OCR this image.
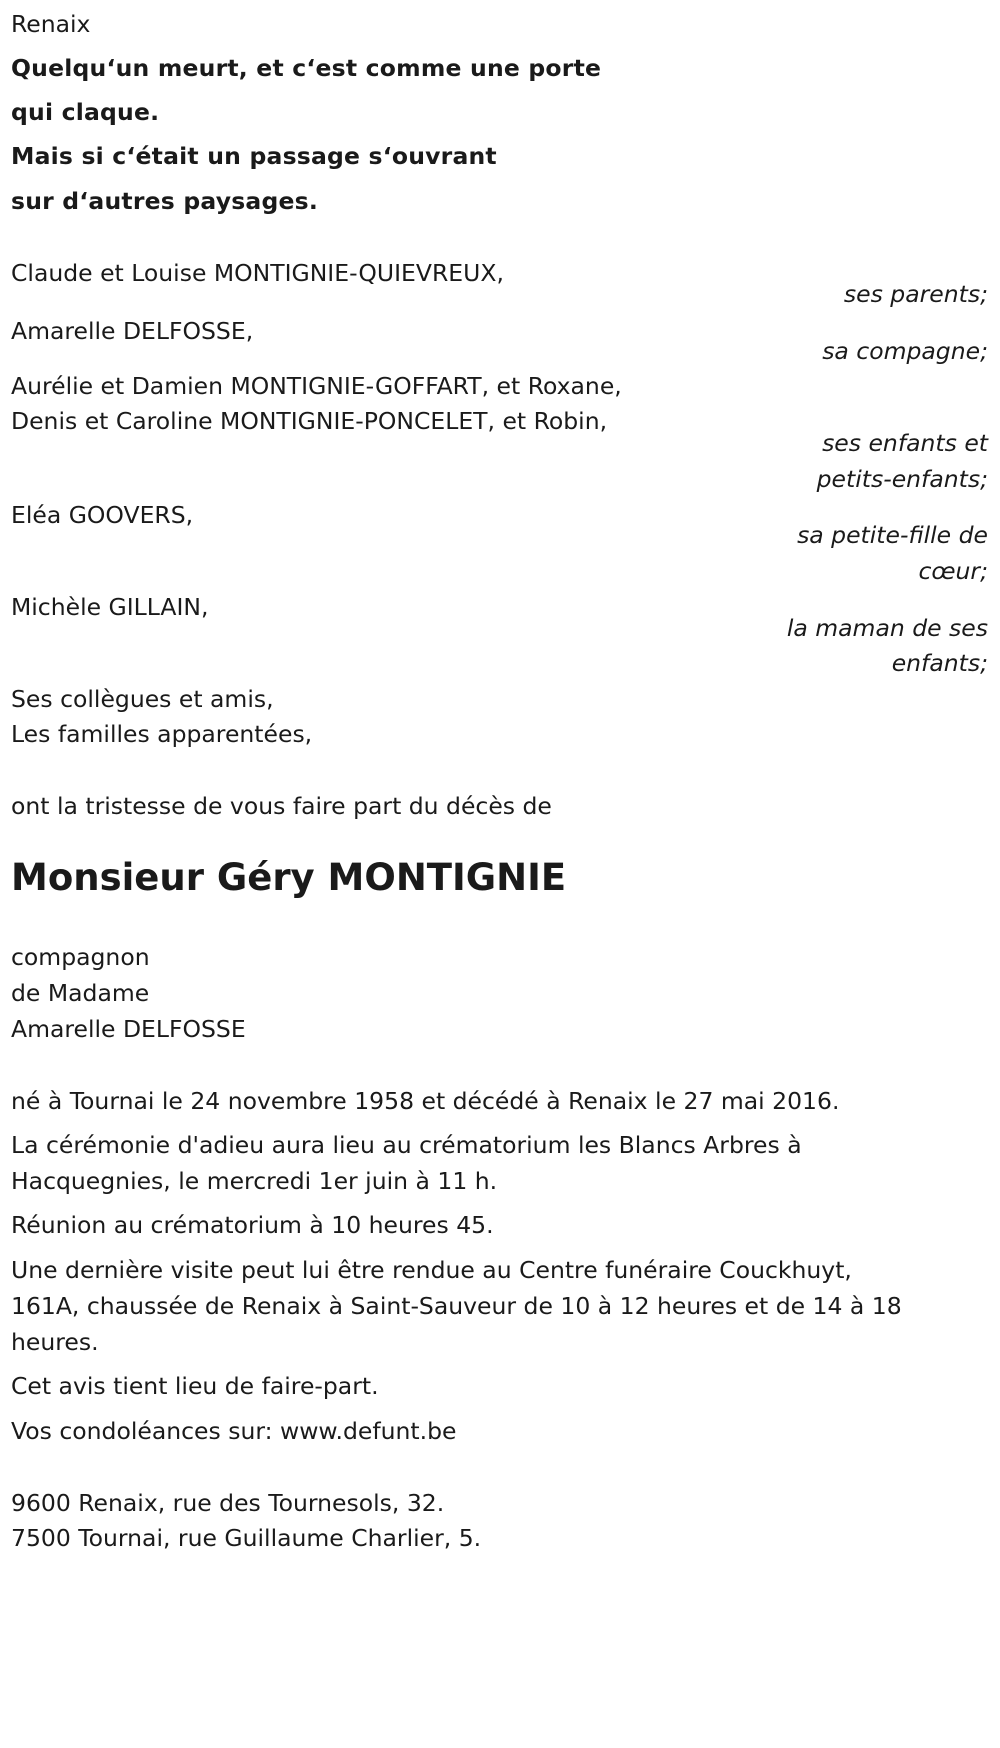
Renaix
Quelqu‘un meurt, et c‘est comme une porte
qui claque.
Mais si c‘était un passage s‘ouvrant
sur d‘autres paysages.
Claude et Louise MONTIGNIE-QUIEVREUX,
ses parents;
Amarelle DELFOSSE,
sa compagne;
Aurélie et Damien MONTIGNIE-GOFFART, et Roxane,
Denis et Caroline MONTIGNIE-PONCELET, et Robin,
ses enfants et
petits-enfants;
Eléa GOOVERS,
sa petite-fille de
cœur;
Michèle GILLAIN,
la maman de ses
enfants;
Ses collègues et amis,
Les familles apparentées,
ont la tristesse de vous faire part du décès de
Monsieur Géry MONTIGNIE
compagnon
de Madame
Amarelle DELFOSSE
né à Tournai le 24 novembre 1958 et décédé à Renaix le 27 mai 2016.
La cérémonie d'adieu aura lieu au crématorium les Blancs Arbres à
Hacquegnies, le mercredi 1er juin à 11 h.
Réunion au crématorium à 10 heures 45.
Une dernière visite peut lui être rendue au Centre funéraire Couckhuyt,
161A, chaussée de Renaix à Saint-Sauveur de 10 à 12 heures et de 14 à 18
heures.
Cet avis tient lieu de faire-part.
Vos condoléances sur: www.defunt.be
9600 Renaix, rue des Tournesols, 32.
7500 Tournai, rue Guillaume Charlier, 5.
